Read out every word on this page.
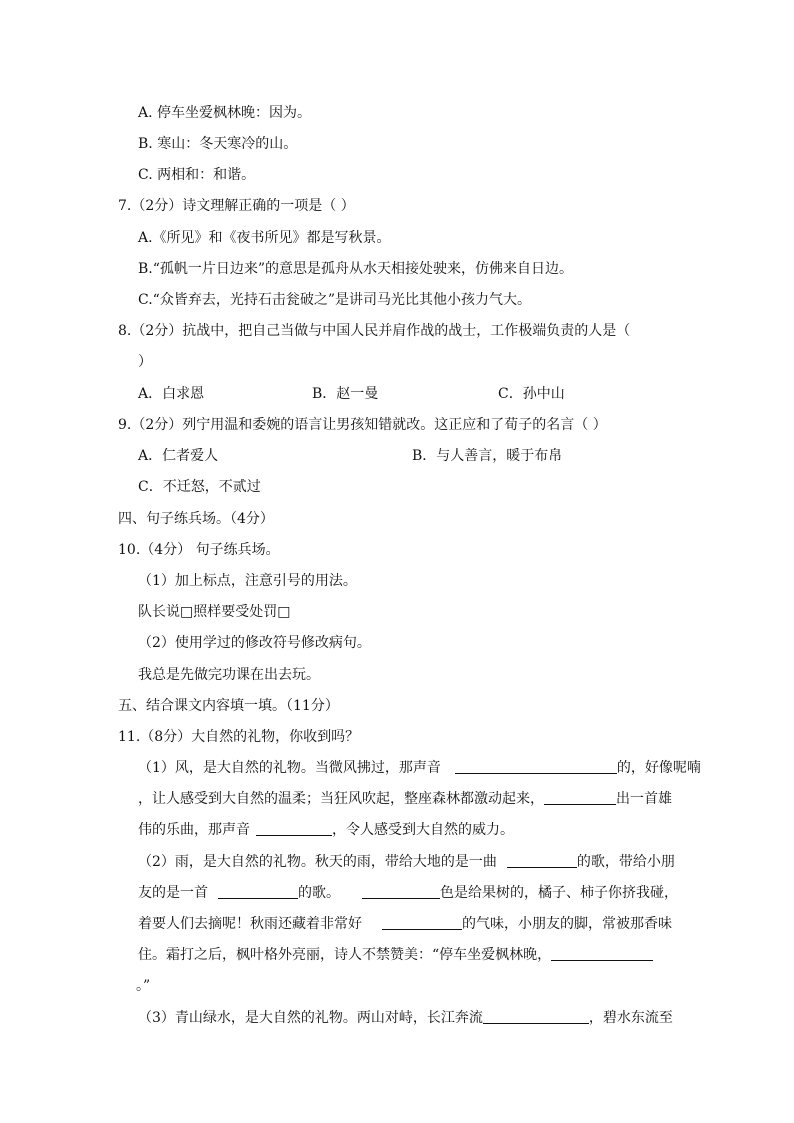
A. 停车坐爱枫林晚：因为。
B. 寒山：冬天寒冷的山。
C. 两相和：和谐。
7.（2分）诗文理解正确的一项是（ ）
A.《所见》和《夜书所见》都是写秋景。
B.“孤帆一片日边来”的意思是孤舟从水天相接处驶来，仿佛来自日边。
C.“众皆弃去，光持石击瓮破之”是讲司马光比其他小孩力气大。
8.（2分）抗战中，把自己当做与中国人民并肩作战的战士，工作极端负责的人是（
）
A．白求恩	B．赵一曼	C．孙中山
9.（2分）列宁用温和委婉的语言让男孩知错就改。这正应和了荀子的名言（ ）
A．仁者爱人	B．与人善言，暖于布帛
C．不迁怒，不贰过
四、句子练兵场。（4分）
10.（4分） 句子练兵场。
（1）加上标点，注意引号的用法。
队长说□照样要受处罚□
（2）使用学过的修改符号修改病句。
我总是先做完功课在出去玩。
五、结合课文内容填一填。（11分）
11.（8分）大自然的礼物，你收到吗？
（1）风，是大自然的礼物。当微风拂过，那声音	的，好像呢喃
，让人感受到大自然的温柔；当狂风吹起，整座森林都激动起来，	出一首雄
伟的乐曲，那声音	，令人感受到大自然的威力。
（2）雨，是大自然的礼物。秋天的雨，带给大地的是一曲	的歌，带给小朋
友的是一首	的歌。	色是给果树的，橘子、柿子你挤我碰，
着要人们去摘呢！秋雨还藏着非常好	的气味，小朋友的脚，常被那香味
住。霜打之后，枫叶格外亮丽，诗人不禁赞美：“停车坐爱枫林晚，
。”
（3）青山绿水，是大自然的礼物。两山对峙，长江奔流	，碧水东流至
